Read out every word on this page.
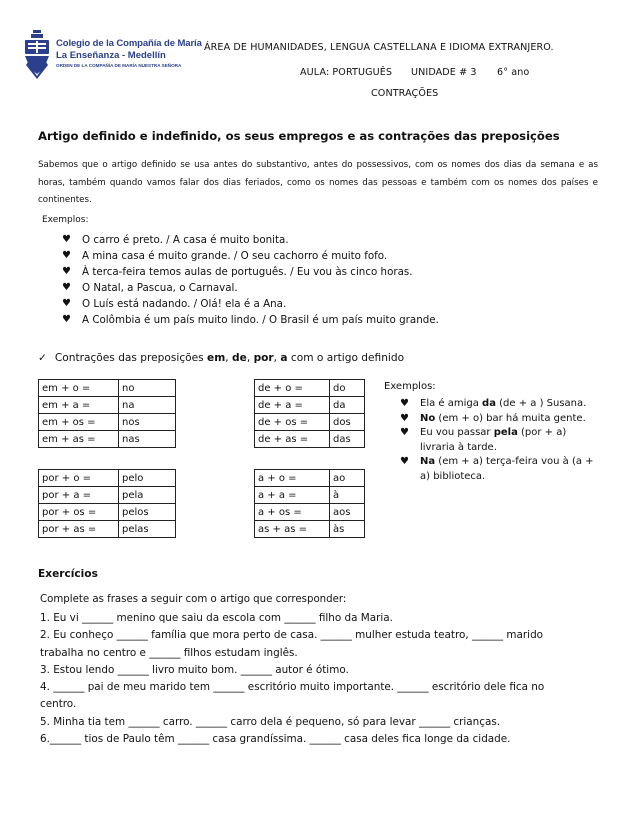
Colegio de la Compañía de María
La Enseñanza - Medellín
ORDEN DE LA COMPAÑÍA DE MARÍA NUESTRA SEÑORA
ÁREA DE HUMANIDADES, LENGUA CASTELLANA E IDIOMA EXTRANJERO.
AULA: PORTUGUÊS UNIDADE # 3 6° ano
CONTRAÇÕES
Artigo definido e indefinido, os seus empregos e as contrações das preposições
Sabemos que o artigo definido se usa antes do substantivo, antes do possessivos, com os nomes dos dias da semana e as horas, também quando vamos falar dos dias feriados, como os nomes das pessoas e também com os nomes dos países e continentes.
Exemplos:
♥ O carro é preto. / A casa é muito bonita.
♥ A mina casa é muito grande. / O seu cachorro é muito fofo.
♥ À terca-feira temos aulas de português. / Eu vou às cinco horas.
♥ O Natal, a Pascua, o Carnaval.
♥ O Luís está nadando. / Olá! ela é a Ana.
♥ A Colômbia é um país muito lindo. / O Brasil é um país muito grande.
✓ Contrações das preposições em, de, por, a com o artigo definido
em + o =	no
em + a =	na
em + os =	nos
em + as =	nas
de + o =	do
de + a =	da
de + os =	dos
de + as =	das
por + o =	pelo
por + a =	pela
por + os =	pelos
por + as =	pelas
a + o =	ao
a + a =	à
a + os =	aos
as + as =	às
Exemplos:
♥ Ela é amiga da (de + a ) Susana.
♥ No (em + o) bar há muita gente.
♥ Eu vou passar pela (por + a) livraria à tarde.
♥ Na (em + a) terça-feira vou à (a + a) biblioteca.
Exercícios
Complete as frases a seguir com o artigo que corresponder:
1. Eu vi ______ menino que saiu da escola com ______ filho da Maria.
2. Eu conheço ______ família que mora perto de casa. ______ mulher estuda teatro, ______ marido
trabalha no centro e ______ filhos estudam inglês.
3. Estou lendo ______ livro muito bom. ______ autor é ótimo.
4. ______ pai de meu marido tem ______ escritório muito importante. ______ escritório dele fica no
centro.
5. Minha tia tem ______ carro. ______ carro dela é pequeno, só para levar ______ crianças.
6.______ tios de Paulo têm ______ casa grandíssima. ______ casa deles fica longe da cidade.
